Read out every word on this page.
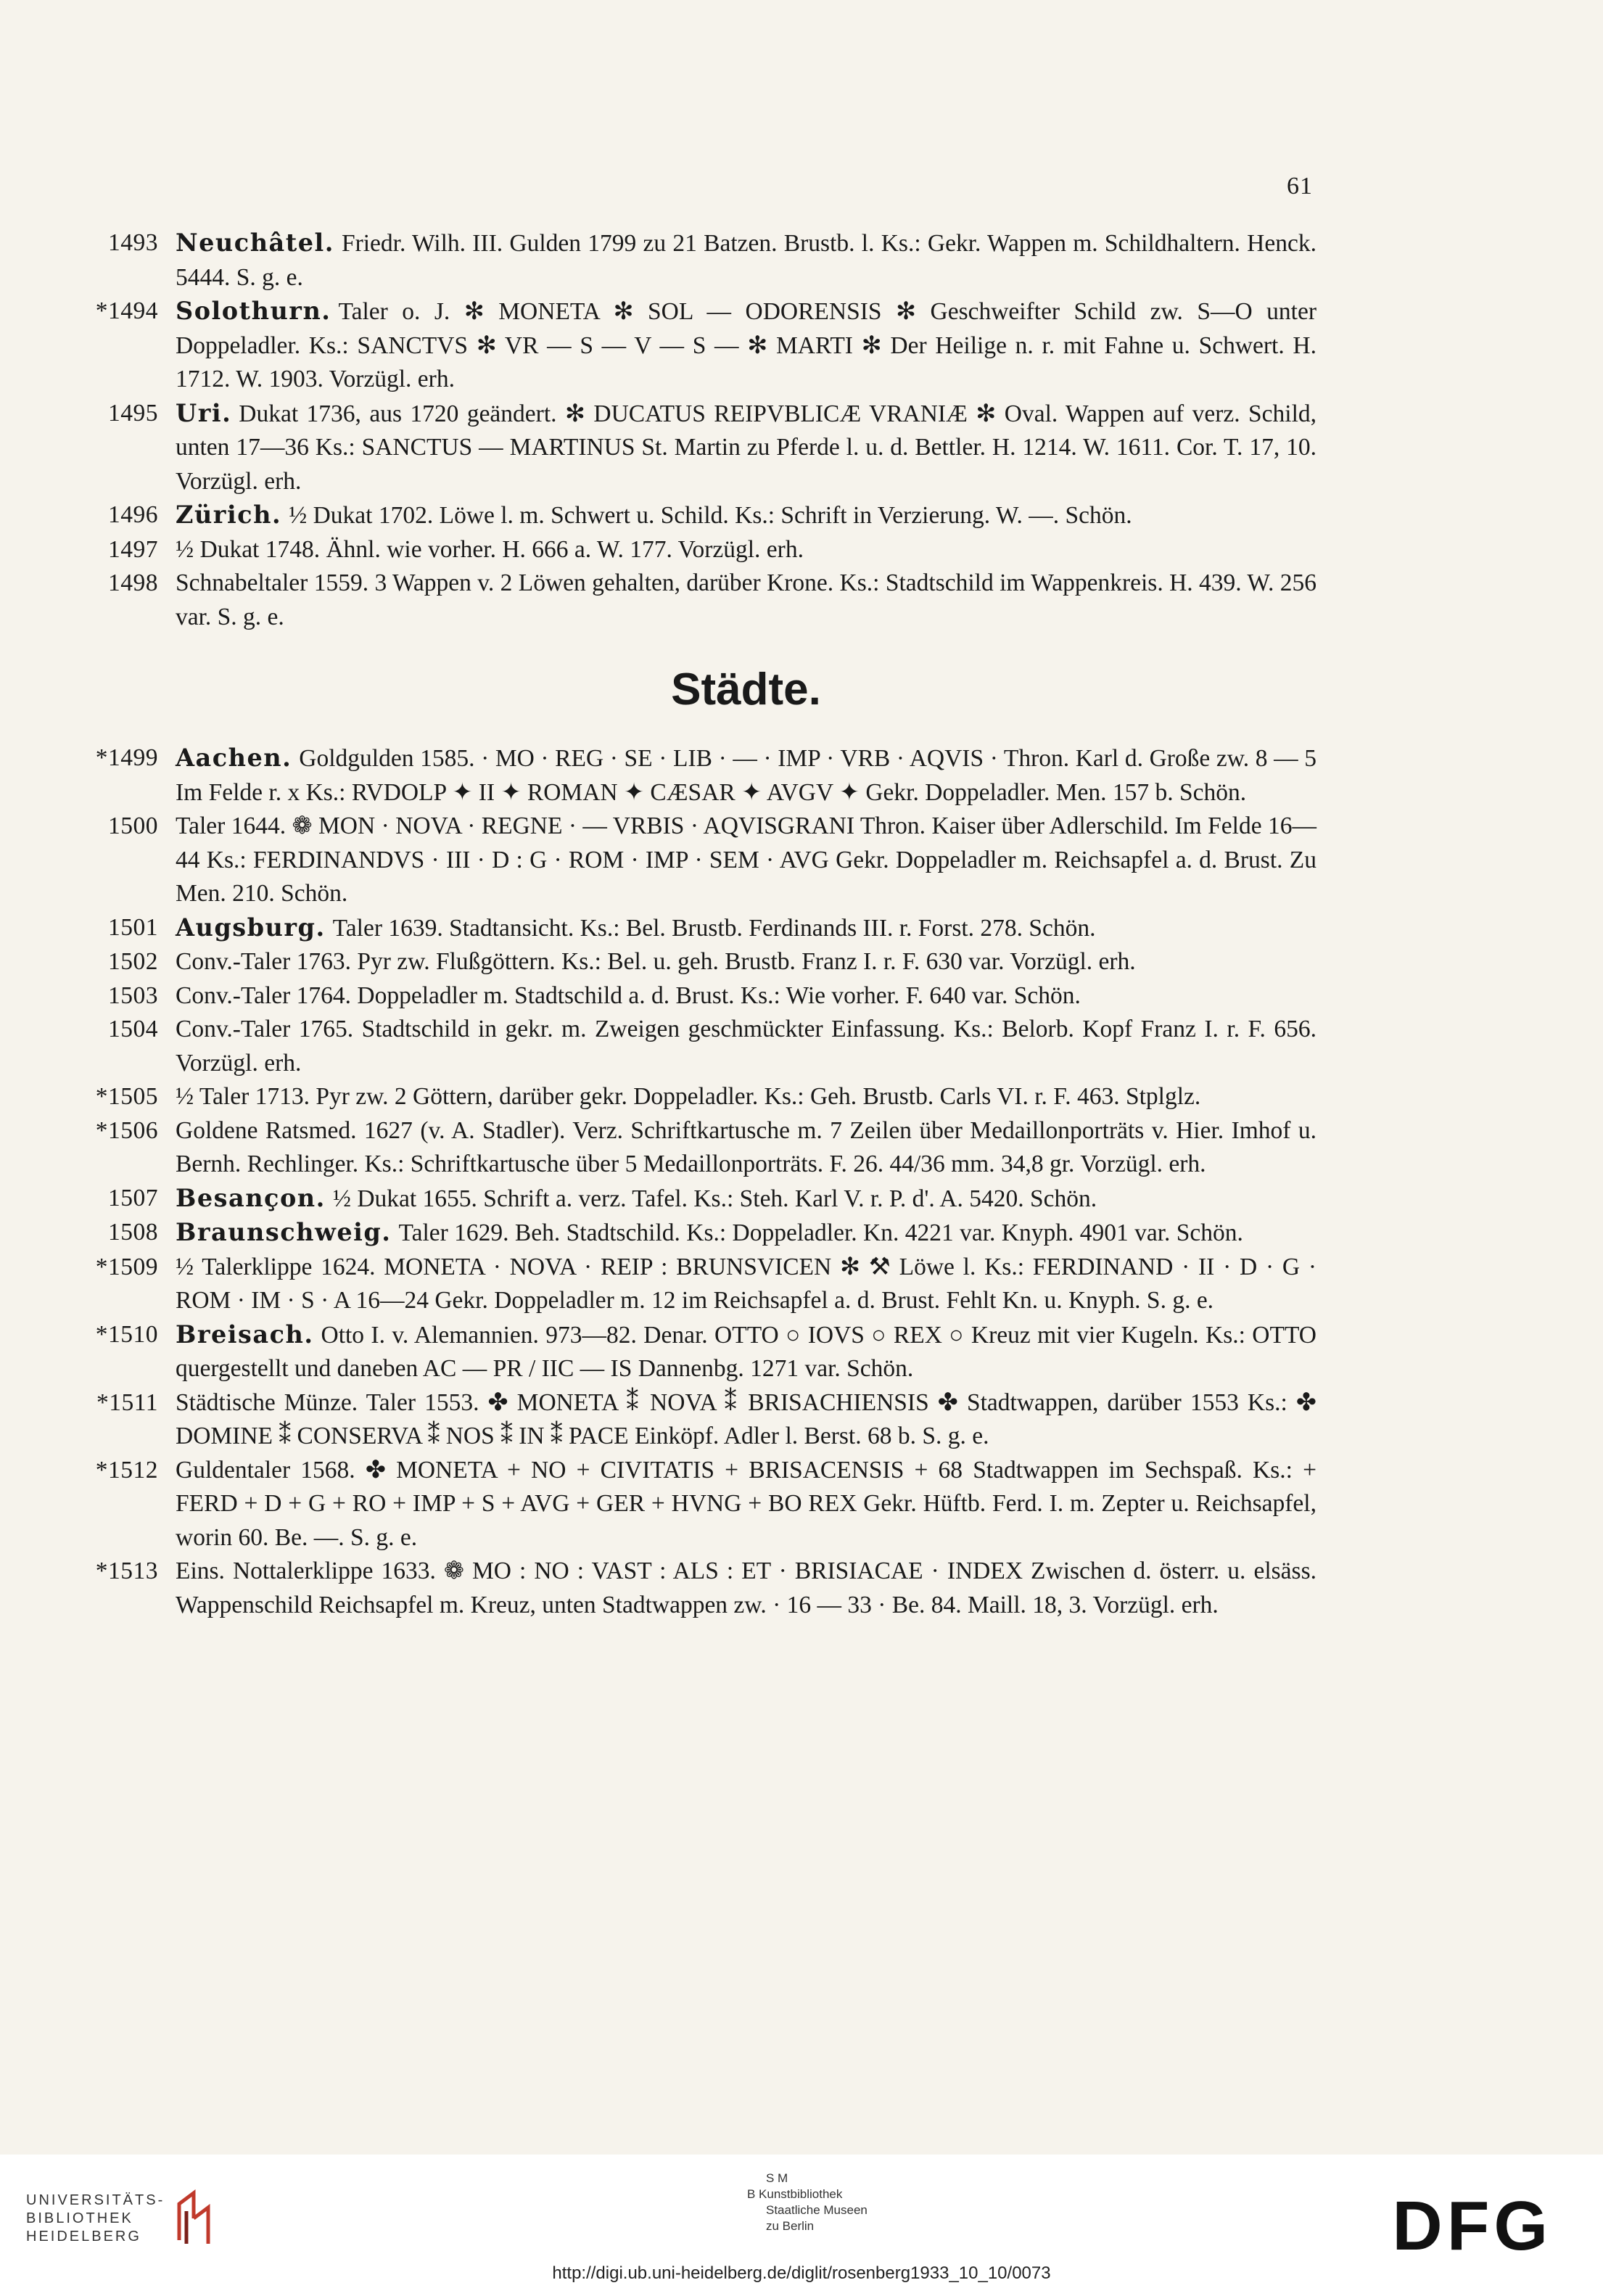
61
1493 Neuchâtel. Friedr. Wilh. III. Gulden 1799 zu 21 Batzen. Brustb. l. Ks.: Gekr. Wappen m. Schildhaltern. Henck. 5444. S. g. e.
*1494 Solothurn. Taler o. J. ✻ MONETA ✻ SOL — ODORENSIS ✻ Geschweifter Schild zw. S—O unter Doppeladler. Ks.: SANCTVS ✻ VR — S — V — S — ✻ MARTI ✻ Der Heilige n. r. mit Fahne u. Schwert. H. 1712. W. 1903. Vorzügl. erh.
1495 Uri. Dukat 1736, aus 1720 geändert. ✻ DUCATUS REIPVBLICÆ VRANIÆ ✻ Oval. Wappen auf verz. Schild, unten 17—36 Ks.: SANCTUS — MARTINUS St. Martin zu Pferde l. u. d. Bettler. H. 1214. W. 1611. Cor. T. 17, 10. Vorzügl. erh.
1496 Zürich. ½ Dukat 1702. Löwe l. m. Schwert u. Schild. Ks.: Schrift in Verzierung. W. —. Schön.
1497 ½ Dukat 1748. Ähnl. wie vorher. H. 666 a. W. 177. Vorzügl. erh.
1498 Schnabeltaler 1559. 3 Wappen v. 2 Löwen gehalten, darüber Krone. Ks.: Stadtschild im Wappenkreis. H. 439. W. 256 var. S. g. e.
Städte.
*1499 Aachen. Goldgulden 1585. · MO · REG · SE · LIB · — · IMP · VRB · AQVIS · Thron. Karl d. Große zw. 8 — 5 Im Felde r. x Ks.: RVDOLP ✦ II ✦ ROMAN ✦ CÆSAR ✦ AVGV ✦ Gekr. Doppeladler. Men. 157 b. Schön.
1500 Taler 1644. ❁ MON · NOVA · REGNE · — VRBIS · AQVISGRANI Thron. Kaiser über Adlerschild. Im Felde 16—44 Ks.: FERDINANDVS · III · D : G · ROM · IMP · SEM · AVG Gekr. Doppeladler m. Reichsapfel a. d. Brust. Zu Men. 210. Schön.
1501 Augsburg. Taler 1639. Stadtansicht. Ks.: Bel. Brustb. Ferdinands III. r. Forst. 278. Schön.
1502 Conv.-Taler 1763. Pyr zw. Flußgöttern. Ks.: Bel. u. geh. Brustb. Franz I. r. F. 630 var. Vorzügl. erh.
1503 Conv.-Taler 1764. Doppeladler m. Stadtschild a. d. Brust. Ks.: Wie vorher. F. 640 var. Schön.
1504 Conv.-Taler 1765. Stadtschild in gekr. m. Zweigen geschmückter Einfassung. Ks.: Belorb. Kopf Franz I. r. F. 656. Vorzügl. erh.
*1505 ½ Taler 1713. Pyr zw. 2 Göttern, darüber gekr. Doppeladler. Ks.: Geh. Brustb. Carls VI. r. F. 463. Stplglz.
*1506 Goldene Ratsmed. 1627 (v. A. Stadler). Verz. Schriftkartusche m. 7 Zeilen über Medaillonporträts v. Hier. Imhof u. Bernh. Rechlinger. Ks.: Schriftkartusche über 5 Medaillonporträts. F. 26. 44/36 mm. 34,8 gr. Vorzügl. erh.
1507 Besançon. ½ Dukat 1655. Schrift a. verz. Tafel. Ks.: Steh. Karl V. r. P. d'. A. 5420. Schön.
1508 Braunschweig. Taler 1629. Beh. Stadtschild. Ks.: Doppeladler. Kn. 4221 var. Knyph. 4901 var. Schön.
*1509 ½ Talerklippe 1624. MONETA · NOVA · REIP : BRUNSVICEN ✻ ⚒ Löwe l. Ks.: FERDINAND · II · D · G · ROM · IM · S · A 16—24 Gekr. Doppeladler m. 12 im Reichsapfel a. d. Brust. Fehlt Kn. u. Knyph. S. g. e.
*1510 Breisach. Otto I. v. Alemannien. 973—82. Denar. OTTO ○ IOVS ○ REX ○ Kreuz mit vier Kugeln. Ks.: OTTO quergestellt und daneben AC — PR / IIC — IS Dannenbg. 1271 var. Schön.
*1511 Städtische Münze. Taler 1553. ✤ MONETA ⁑ NOVA ⁑ BRISACHIENSIS ✤ Stadtwappen, darüber 1553 Ks.: ✤ DOMINE ⁑ CONSERVA ⁑ NOS ⁑ IN ⁑ PACE Einköpf. Adler l. Berst. 68 b. S. g. e.
*1512 Guldentaler 1568. ✤ MONETA + NO + CIVITATIS + BRISACENSIS + 68 Stadtwappen im Sechspaß. Ks.: + FERD + D + G + RO + IMP + S + AVG + GER + HVNG + BO REX Gekr. Hüftb. Ferd. I. m. Zepter u. Reichsapfel, worin 60. Be. —. S. g. e.
*1513 Eins. Nottalerklippe 1633. ❁ MO : NO : VAST : ALS : ET · BRISIACAE · INDEX Zwischen d. österr. u. elsäss. Wappenschild Reichsapfel m. Kreuz, unten Stadtwappen zw. · 16 — 33 · Be. 84. Maill. 18, 3. Vorzügl. erh.
UNIVERSITÄTS-
BIBLIOTHEK
HEIDELBERG
S M
B Kunstbibliothek
Staatliche Museen
zu Berlin	DFG
http://digi.ub.uni-heidelberg.de/diglit/rosenberg1933_10_10/0073
